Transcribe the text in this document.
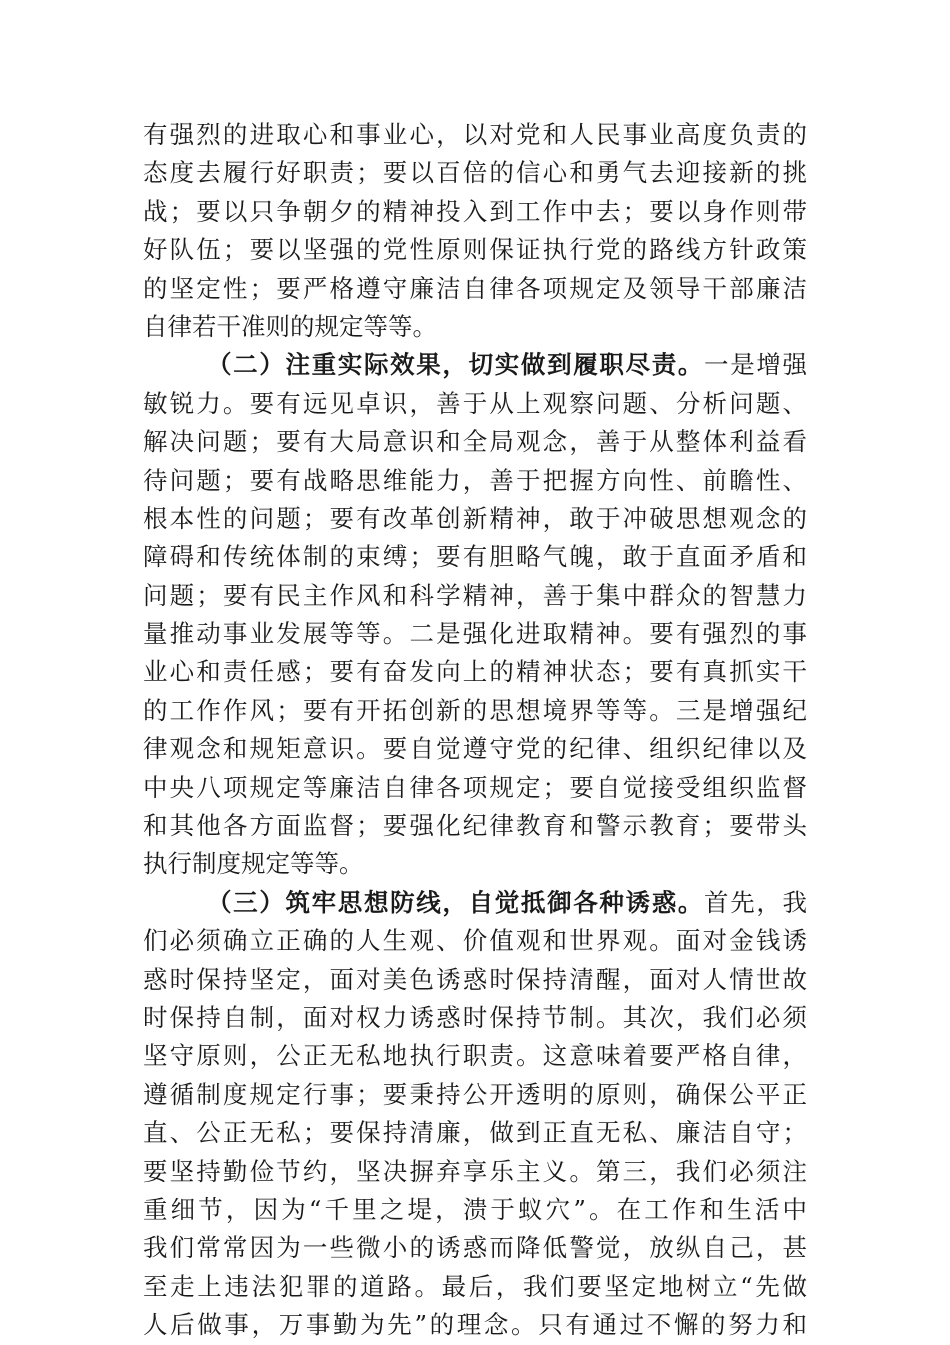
有强烈的进取心和事业心，以对党和人民事业高度负责的
态度去履行好职责；要以百倍的信心和勇气去迎接新的挑
战；要以只争朝夕的精神投入到工作中去；要以身作则带
好队伍；要以坚强的党性原则保证执行党的路线方针政策
的坚定性；要严格遵守廉洁自律各项规定及领导干部廉洁
自律若干准则的规定等等。
（二）注重实际效果，切实做到履职尽责。一是增强
敏锐力。要有远见卓识，善于从上观察问题、分析问题、
解决问题；要有大局意识和全局观念，善于从整体利益看
待问题；要有战略思维能力，善于把握方向性、前瞻性、
根本性的问题；要有改革创新精神，敢于冲破思想观念的
障碍和传统体制的束缚；要有胆略气魄，敢于直面矛盾和
问题；要有民主作风和科学精神，善于集中群众的智慧力
量推动事业发展等等。二是强化进取精神。要有强烈的事
业心和责任感；要有奋发向上的精神状态；要有真抓实干
的工作作风；要有开拓创新的思想境界等等。三是增强纪
律观念和规矩意识。要自觉遵守党的纪律、组织纪律以及
中央八项规定等廉洁自律各项规定；要自觉接受组织监督
和其他各方面监督；要强化纪律教育和警示教育；要带头
执行制度规定等等。
（三）筑牢思想防线，自觉抵御各种诱惑。首先，我
们必须确立正确的人生观、价值观和世界观。面对金钱诱
惑时保持坚定，面对美色诱惑时保持清醒，面对人情世故
时保持自制，面对权力诱惑时保持节制。其次，我们必须
坚守原则，公正无私地执行职责。这意味着要严格自律，
遵循制度规定行事；要秉持公开透明的原则，确保公平正
直、公正无私；要保持清廉，做到正直无私、廉洁自守；
要坚持勤俭节约，坚决摒弃享乐主义。第三，我们必须注
重细节，因为“千里之堤，溃于蚁穴”。在工作和生活中
我们常常因为一些微小的诱惑而降低警觉，放纵自己，甚
至走上违法犯罪的道路。最后，我们要坚定地树立“先做
人后做事，万事勤为先”的理念。只有通过不懈的努力和
